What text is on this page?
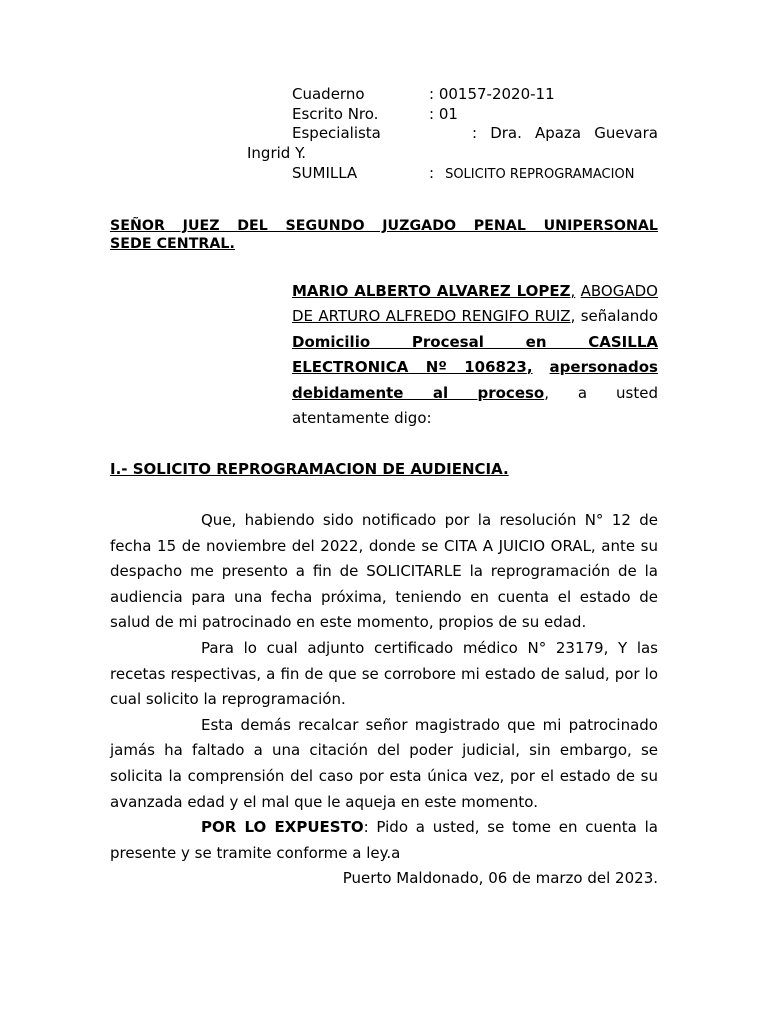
Cuaderno	: 00157-2020-11
Escrito Nro.	: 01
Especialista	: Dra. Apaza Guevara
Ingrid Y.
SUMILLA	: SOLICITO REPROGRAMACION
SEÑOR JUEZ DEL SEGUNDO JUZGADO PENAL UNIPERSONAL
SEDE CENTRAL.
MARIO ALBERTO ALVAREZ LOPEZ, ABOGADO DE ARTURO ALFREDO RENGIFO RUIZ, señalando Domicilio Procesal en CASILLA ELECTRONICA Nº 106823, apersonados debidamente al proceso, a usted atentamente digo:
I.- SOLICITO REPROGRAMACION DE AUDIENCIA.

Que, habiendo sido notificado por la resolución N° 12 de fecha 15 de noviembre del 2022, donde se CITA A JUICIO ORAL, ante su despacho me presento a fin de SOLICITARLE la reprogramación de la audiencia para una fecha próxima, teniendo en cuenta el estado de salud de mi patrocinado en este momento, propios de su edad.

Para lo cual adjunto certificado médico N° 23179, Y las recetas respectivas, a fin de que se corrobore mi estado de salud, por lo cual solicito la reprogramación.

Esta demás recalcar señor magistrado que mi patrocinado jamás ha faltado a una citación del poder judicial, sin embargo, se solicita la comprensión del caso por esta única vez, por el estado de su avanzada edad y el mal que le aqueja en este momento.

POR LO EXPUESTO: Pido a usted, se tome en cuenta la presente y se tramite conforme a ley.a

Puerto Maldonado, 06 de marzo del 2023.
